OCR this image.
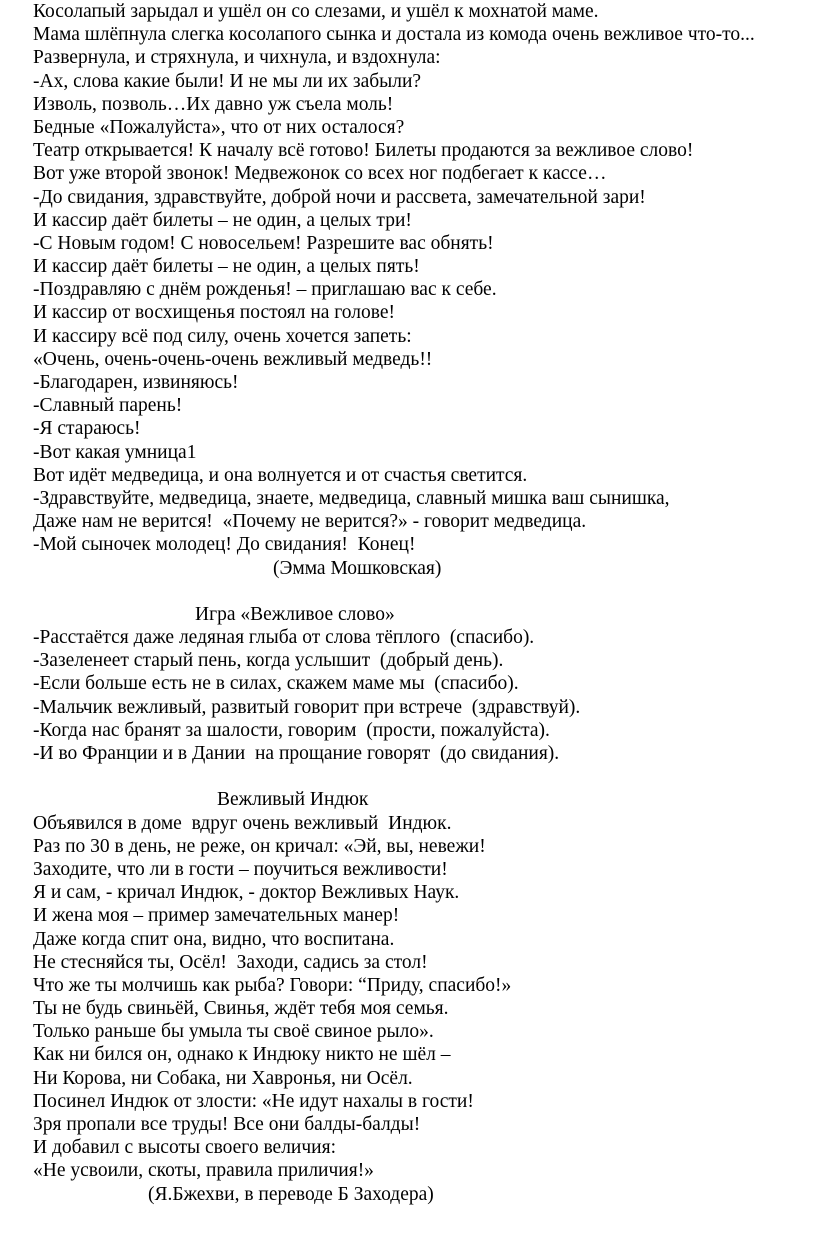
Косолапый зарыдал и ушёл он со слезами, и ушёл к мохнатой маме.
Мама шлёпнула слегка косолапого сынка и достала из комода очень вежливое что-то...
Развернула, и стряхнула, и чихнула, и вздохнула:
-Ах, слова какие были! И не мы ли их забыли?
Изволь, позволь…Их давно уж съела моль!
Бедные «Пожалуйста», что от них осталося?
Театр открывается! К началу всё готово! Билеты продаются за вежливое слово!
Вот уже второй звонок! Медвежонок со всех ног подбегает к кассе…
-До свидания, здравствуйте, доброй ночи и рассвета, замечательной зари!
И кассир даёт билеты – не один, а целых три!
-С Новым годом! С новосельем! Разрешите вас обнять!
И кассир даёт билеты – не один, а целых пять!
-Поздравляю с днём рожденья! – приглашаю вас к себе.
И кассир от восхищенья постоял на голове!
И кассиру всё под силу, очень хочется запеть:
«Очень, очень-очень-очень вежливый медведь!!
-Благодарен, извиняюсь!
-Славный парень!
-Я стараюсь!
-Вот какая умница1
Вот идёт медведица, и она волнуется и от счастья светится.
-Здравствуйте, медведица, знаете, медведица, славный мишка ваш сынишка,
Даже нам не верится!  «Почему не верится?» - говорит медведица.
-Мой сыночек молодец! До свидания!  Конец!
(Эмма Мошковская)
Игра «Вежливое слово»
-Расстаётся даже ледяная глыба от слова тёплого  (спасибо).
-Зазеленеет старый пень, когда услышит  (добрый день).
-Если больше есть не в силах, скажем маме мы  (спасибо).
-Мальчик вежливый, развитый говорит при встрече  (здравствуй).
-Когда нас бранят за шалости, говорим  (прости, пожалуйста).
-И во Франции и в Дании  на прощание говорят  (до свидания).
Вежливый Индюк
Объявился в доме  вдруг очень вежливый  Индюк.
Раз по 30 в день, не реже, он кричал: «Эй, вы, невежи!
Заходите, что ли в гости – поучиться вежливости!
Я и сам, - кричал Индюк, - доктор Вежливых Наук.
И жена моя – пример замечательных манер!
Даже когда спит она, видно, что воспитана.
Не стесняйся ты, Осёл!  Заходи, садись за стол!
Что же ты молчишь как рыба? Говори: “Приду, спасибо!»
Ты не будь свиньёй, Свинья, ждёт тебя моя семья.
Только раньше бы умыла ты своё свиное рыло».
Как ни бился он, однако к Индюку никто не шёл –
Ни Корова, ни Собака, ни Хавронья, ни Осёл.
Посинел Индюк от злости: «Не идут нахалы в гости!
Зря пропали все труды! Все они балды-балды!
И добавил с высоты своего величия:
«Не усвоили, скоты, правила приличия!»
(Я.Бжехви, в переводе Б Заходера)
